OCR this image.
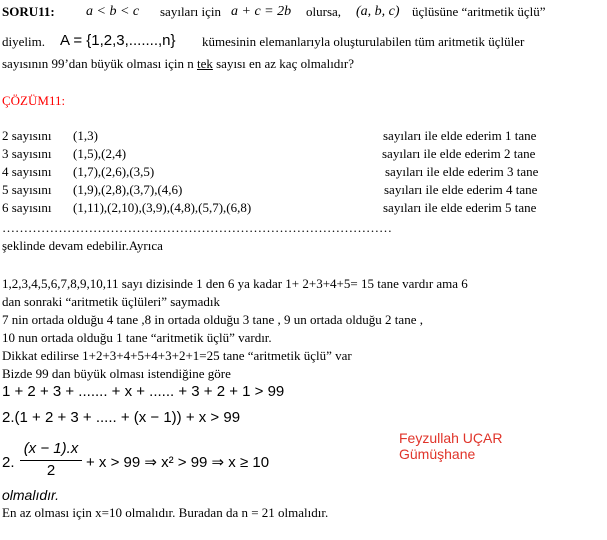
SORU11: a < b < c sayıları için a + c = 2b olursa, (a, b, c) üçlüsüne “aritmetik üçlü”
diyelim. A = {1,2,3,.......,n} kümesinin elemanlarıyla oluşturulabilen tüm aritmetik üçlüler
sayısının 99’dan büyük olması için n tek sayısı en az kaç olmalıdır?
ÇÖZÜM11:
2 sayısını (1,3)	sayıları ile elde ederim 1 tane
3 sayısını (1,5),(2,4)	sayıları ile elde ederim 2 tane
4 sayısını (1,7),(2,6),(3,5)	sayıları ile elde ederim 3 tane
5 sayısını (1,9),(2,8),(3,7),(4,6)	sayıları ile elde ederim 4 tane
6 sayısını (1,11),(2,10),(3,9),(4,8),(5,7),(6,8)	sayıları ile elde ederim 5 tane
………………………………………………………………………………
şeklinde devam edebilir.Ayrıca
1,2,3,4,5,6,7,8,9,10,11 sayı dizisinde 1 den 6 ya kadar 1+ 2+3+4+5= 15 tane vardır ama 6
dan sonraki “aritmetik üçlüleri” saymadık
7 nin ortada olduğu 4 tane ,8 in ortada olduğu 3 tane , 9 un ortada olduğu 2 tane ,
10 nun ortada olduğu 1 tane “aritmetik üçlü” vardır.
Dikkat edilirse 1+2+3+4+5+4+3+2+1=25 tane “aritmetik üçlü” var
Bizde 99 dan büyük olması istendiğine göre
1 + 2 + 3 + ....... + x + ...... + 3 + 2 + 1 > 99
2.(1 + 2 + 3 + ..... + (x − 1)) + x > 99
2.
(x − 1).x
2	+ x > 99 ⇒ x² > 99 ⇒ x ≥ 10
olmalıdır.
En az olması için x=10 olmalıdır. Buradan da n = 21 olmalıdır.
Feyzullah UÇAR
Gümüşhane
